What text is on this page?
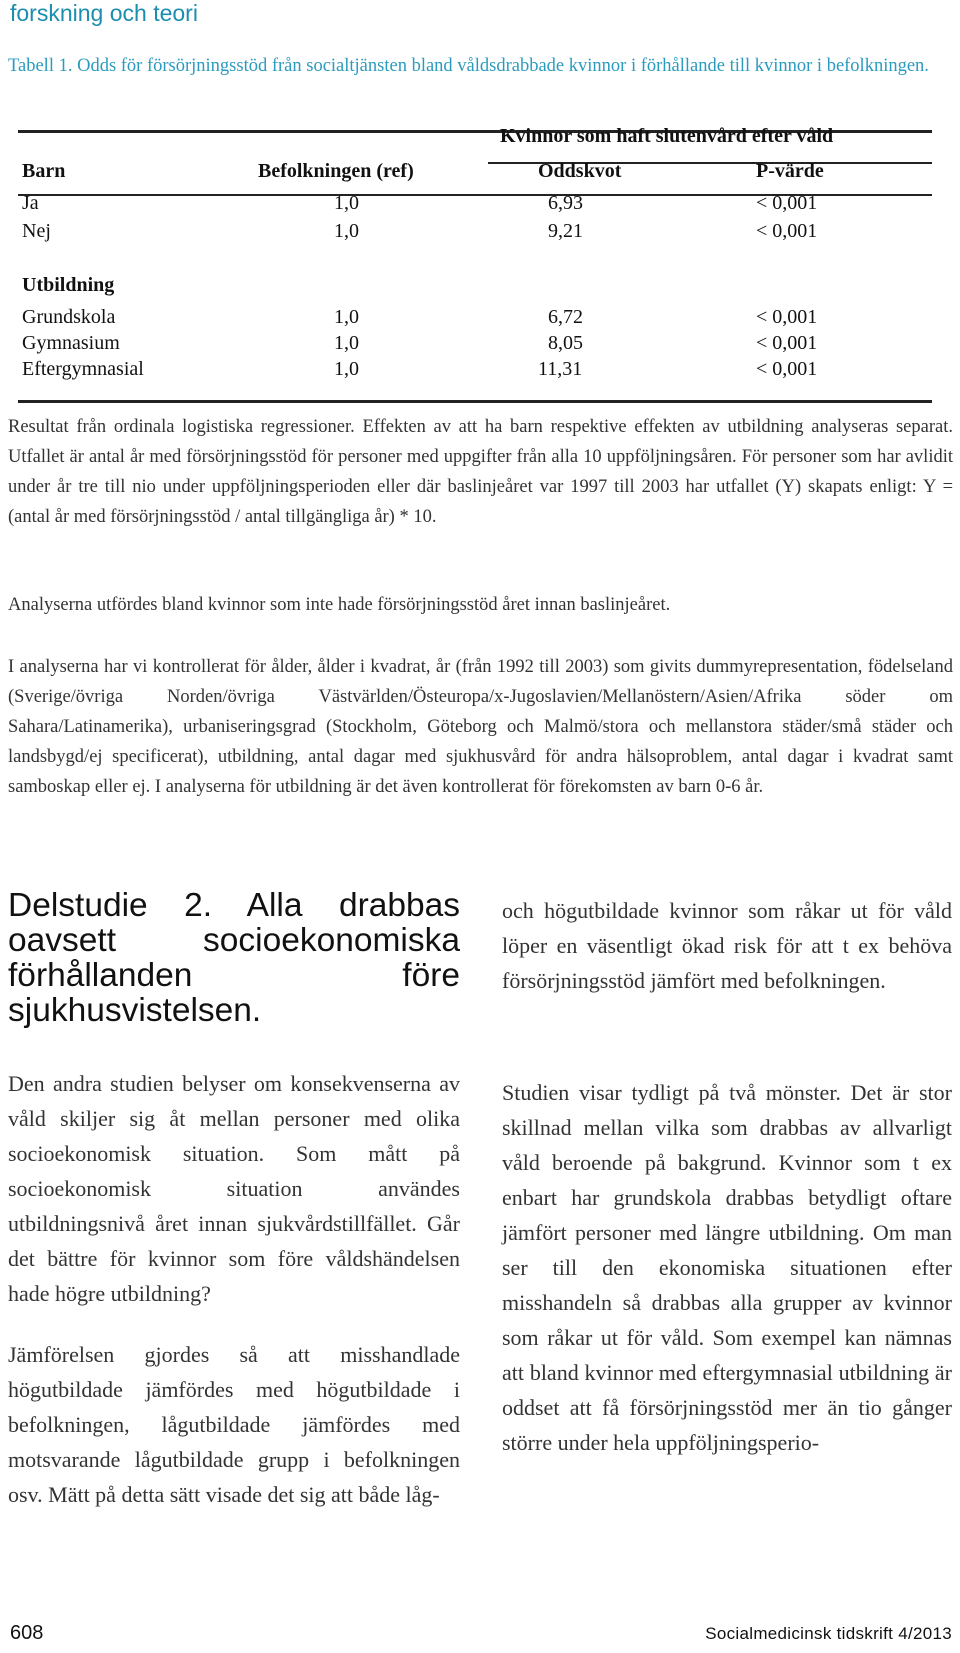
forskning och teori
Tabell 1. Odds för försörjningsstöd från socialtjänsten bland våldsdrabbade kvinnor i förhållande till kvinnor i befolkningen.
Kvinnor som haft slutenvård efter våld
Barn	Befolkningen (ref)	Oddskvot	P-värde
Ja	1,0	6,93	< 0,001
Nej	1,0	9,21	< 0,001
Utbildning
Grundskola	1,0	6,72	< 0,001
Gymnasium	1,0	8,05	< 0,001
Eftergymnasial	1,0	11,31	< 0,001

Resultat från ordinala logistiska regressioner. Effekten av att ha barn respektive effekten av utbildning analyseras separat. Utfallet är antal år med försörjningsstöd för personer med uppgifter från alla 10 uppföljningsåren. För personer som har avlidit under år tre till nio under uppföljningsperioden eller där baslinjeåret var 1997 till 2003 har utfallet (Y) skapats enligt: Y = (antal år med försörjningsstöd / antal tillgängliga år) * 10.

Analyserna utfördes bland kvinnor som inte hade försörjningsstöd året innan baslinjeåret.

I analyserna har vi kontrollerat för ålder, ålder i kvadrat, år (från 1992 till 2003) som givits dummyrepresentation, födelseland (Sverige/övriga Norden/övriga Västvärlden/Östeuropa/x-Jugoslavien/Mellanöstern/Asien/Afrika söder om Sahara/Latinamerika), urbaniseringsgrad (Stockholm, Göteborg och Malmö/stora och mellanstora städer/små städer och landsbygd/ej specificerat), utbildning, antal dagar med sjukhusvård för andra hälsoproblem, antal dagar i kvadrat samt samboskap eller ej. I analyserna för utbildning är det även kontrollerat för förekomsten av barn 0-6 år.

Delstudie 2. Alla drabbas oavsett socioekonomiska förhållanden före sjukhusvistelsen.

Den andra studien belyser om konsekvenserna av våld skiljer sig åt mellan personer med olika socioekonomisk situation. Som mått på socioekonomisk situation användes utbildningsnivå året innan sjukvårdstillfället. Går det bättre för kvinnor som före våldshändelsen hade högre utbildning?

Jämförelsen gjordes så att misshandlade högutbildade jämfördes med högutbildade i befolkningen, lågutbildade jämfördes med motsvarande lågutbildade grupp i befolkningen osv. Mätt på detta sätt visade det sig att både låg-

och högutbildade kvinnor som råkar ut för våld löper en väsentligt ökad risk för att t ex behöva försörjningsstöd jämfört med befolkningen.

Studien visar tydligt på två mönster. Det är stor skillnad mellan vilka som drabbas av allvarligt våld beroende på bakgrund. Kvinnor som t ex enbart har grundskola drabbas betydligt oftare jämfört personer med längre utbildning. Om man ser till den ekonomiska situationen efter misshandeln så drabbas alla grupper av kvinnor som råkar ut för våld. Som exempel kan nämnas att bland kvinnor med eftergymnasial utbildning är oddset att få försörjningsstöd mer än tio gånger större under hela uppföljningsperio-

608	Socialmedicinsk tidskrift 4/2013
